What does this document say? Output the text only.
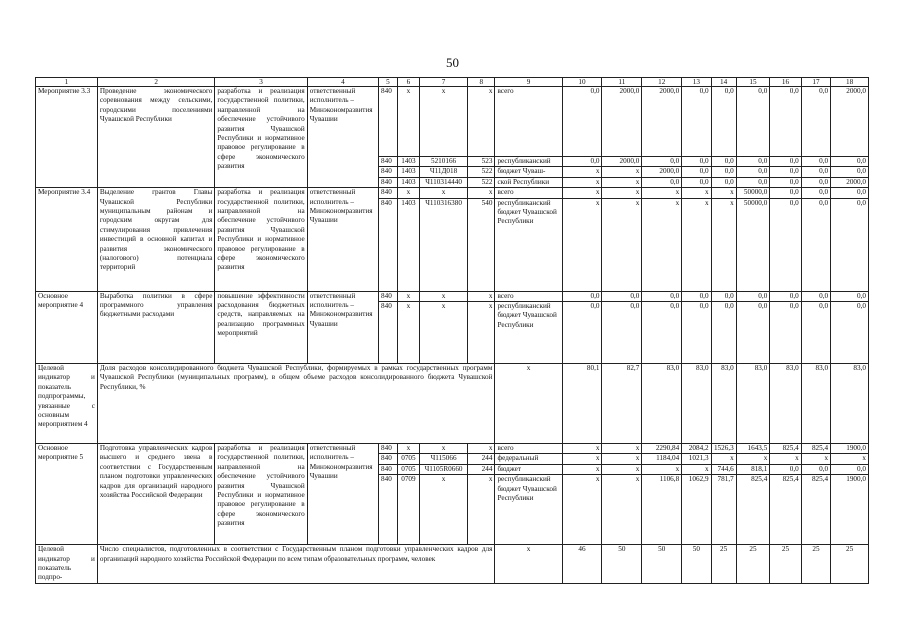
50
1	2	3	4	5	6	7	8	9	10	11	12	13	14	15	16	17	18
Мероприятие 3.3	Проведение экономического соревнования между сельскими, городскими поселениями Чувашской Республики	разработка и реализация государственной политики, направленной на обеспечение устойчивого развития Чувашской Республики и нормативное правовое регулирование в сфере экономического развития	ответственный исполнитель – Минэкономразвития Чувашии	840	x	x	x	всего	0,0	2000,0	2000,0	0,0	0,0	0,0	0,0	0,0	2000,0
				840	1403	5210166	523	республиканский	0,0	2000,0	0,0	0,0	0,0	0,0	0,0	0,0	0,0
				840	1403	Ч11Д018	522	бюджет Чуваш-	x	x	2000,0	0,0	0,0	0,0	0,0	0,0	0,0
				840	1403	Ч110314440	522	ской Республики	x	x	0,0	0,0	0,0	0,0	0,0	0,0	2000,0
Мероприятие 3.4	Выделение грантов Главы Чувашской Республики муниципальным районам и городским округам для стимулирования привлечения инвестиций в основной капитал и развития экономического (налогового) потенциала территорий	разработка и реализация государственной политики, направленной на обеспечение устойчивого развития Чувашской Республики и нормативное правовое регулирование в сфере экономического развития	ответственный исполнитель – Минэкономразвития Чувашии	840	x	x	x	всего	x	x	x	x	x	50000,0	0,0	0,0	0,0
				840	1403	Ч110316380	540	республиканский бюджет Чувашской Республики	x	x	x	x	x	50000,0	0,0	0,0	0,0
Основное мероприятие 4	Выработка политики в сфере программного управления бюджетными расходами	повышение эффективности расходования бюджетных средств, направляемых на реализацию программных мероприятий	ответственный исполнитель – Минэкономразвития Чувашии	840	x	x	x	всего	0,0	0,0	0,0	0,0	0,0	0,0	0,0	0,0	0,0
				840	x	x	x	республиканский бюджет Чувашской Республики	0,0	0,0	0,0	0,0	0,0	0,0	0,0	0,0	0,0
Целевой индикатор и показатель подпрограммы, увязанные с основным мероприятием 4	Доля расходов консолидированного бюджета Чувашской Республики, формируемых в рамках государственных программ Чувашской Республики (муниципальных программ), в общем объеме расходов консолидированного бюджета Чувашской Республики, %							x	80,1	82,7	83,0	83,0	83,0	83,0	83,0	83,0	83,0
Основное мероприятие 5	Подготовка управленческих кадров высшего и среднего звена в соответствии с Государственным планом подготовки управленческих кадров для организаций народного хозяйства Российской Федерации	разработка и реализация государственной политики, направленной на обеспечение устойчивого развития Чувашской Республики и нормативное правовое регулирование в сфере экономического развития	ответственный исполнитель – Минэкономразвития Чувашии	840	x	x	x	всего	x	x	2290,84	2084,2	1526,3	1643,5	825,4	825,4	1900,0
				840	0705	Ч115066	244	федеральный	x	x	1184,04	1021,3	x	x	x	x	x
				840	0705	Ч1105R0660	244	бюджет	x	x	x	x	744,6	818,1	0,0	0,0	0,0
				840	0709	x	x	республиканский бюджет Чувашской Республики	x	x	1106,8	1062,9	781,7	825,4	825,4	825,4	1900,0
Целевой индикатор и показатель подпро-	Число специалистов, подготовленных в соответствии с Государственным планом подготовки управленческих кадров для организаций народного хозяйства Российской Федерации по всем типам образовательных программ, человек							x	46	50	50	50	25	25	25	25	25
